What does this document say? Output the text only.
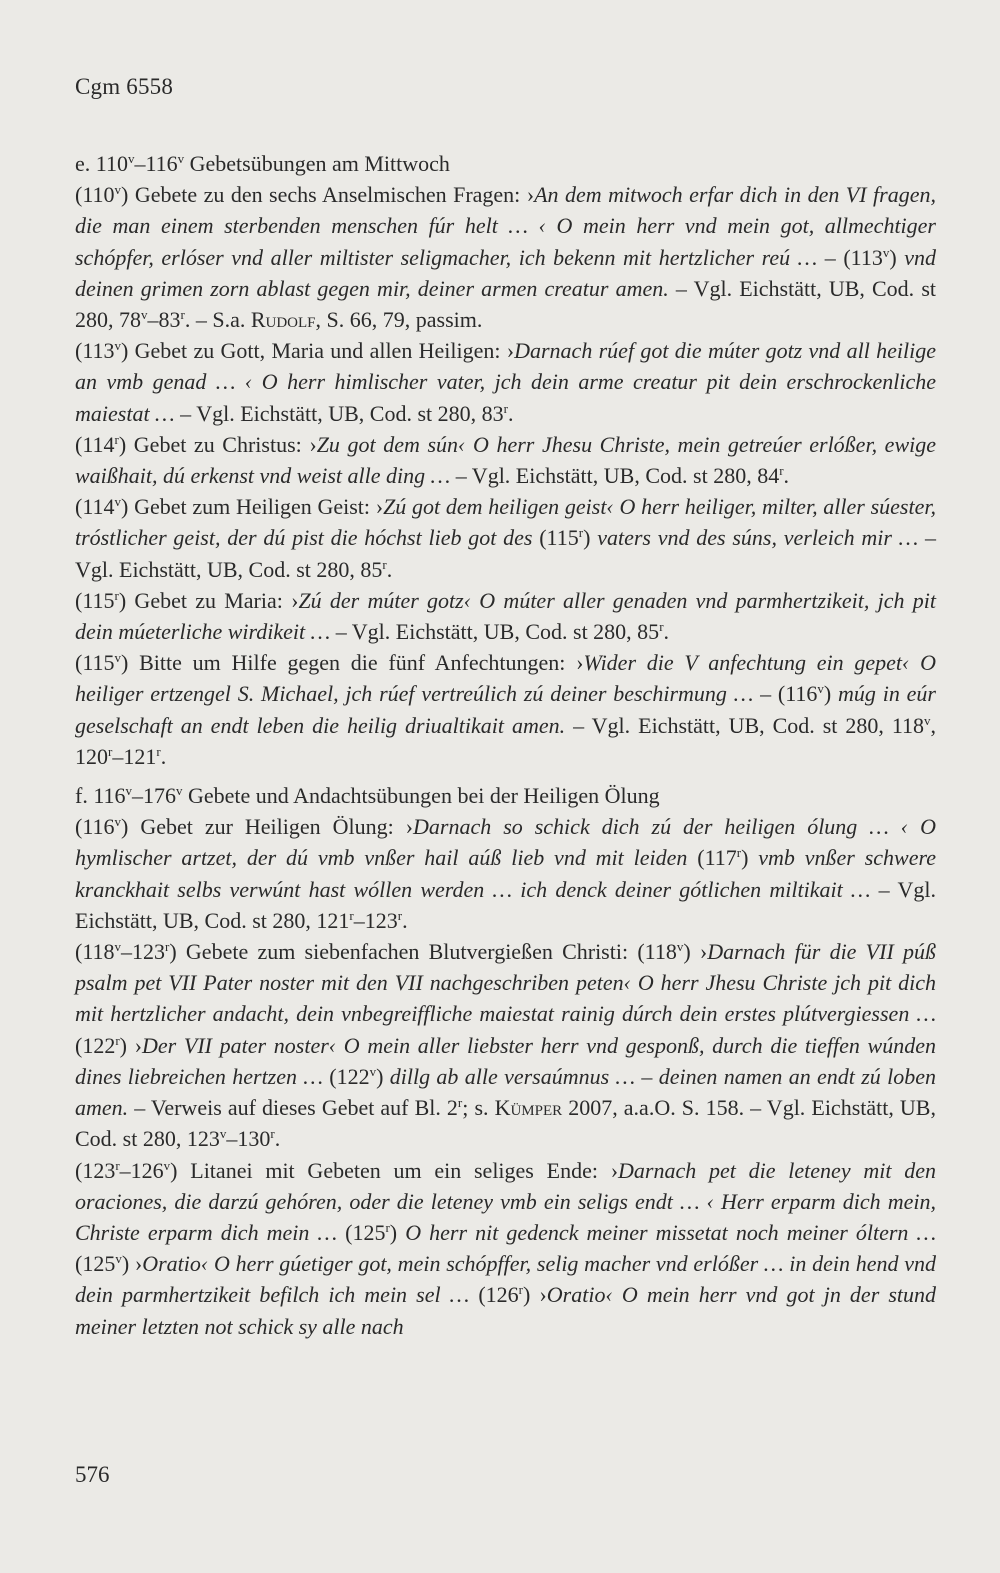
Cgm 6558

e. 110$^v$–116$^v$ Gebetsübungen am Mittwoch

(110$^v$) Gebete zu den sechs Anselmischen Fragen: ›An dem mitwoch erfar dich in den VI fragen, die man einem sterbenden menschen fúr helt … ‹ O mein herr vnd mein got, allmechtiger schópfer, erlóser vnd aller miltister seligmacher, ich bekenn mit hertzlicher reú … – (113$^v$) vnd deinen grimen zorn ablast gegen mir, deiner armen creatur amen. – Vgl. Eichstätt, UB, Cod. st 280, 78$^v$–83$^r$. – S.a. Rudolf, S. 66, 79, passim.

(113$^v$) Gebet zu Gott, Maria und allen Heiligen: ›Darnach rúef got die múter gotz vnd all heilige an vmb genad … ‹ O herr himlischer vater, jch dein arme creatur pit dein erschrockenliche maiestat … – Vgl. Eichstätt, UB, Cod. st 280, 83$^r$.

(114$^r$) Gebet zu Christus: ›Zu got dem sún‹ O herr Jhesu Christe, mein getreúer erlóßer, ewige waißhait, dú erkenst vnd weist alle ding … – Vgl. Eichstätt, UB, Cod. st 280, 84$^r$.

(114$^v$) Gebet zum Heiligen Geist: ›Zú got dem heiligen geist‹ O herr heiliger, milter, aller súester, tróstlicher geist, der dú pist die hóchst lieb got des (115$^r$) vaters vnd des súns, verleich mir … – Vgl. Eichstätt, UB, Cod. st 280, 85$^r$.

(115$^r$) Gebet zu Maria: ›Zú der múter gotz‹ O múter aller genaden vnd parmhertzikeit, jch pit dein múeterliche wirdikeit … – Vgl. Eichstätt, UB, Cod. st 280, 85$^r$.

(115$^v$) Bitte um Hilfe gegen die fünf Anfechtungen: ›Wider die V anfechtung ein gepet‹ O heiliger ertzengel S. Michael, jch rúef vertreúlich zú deiner beschirmung … – (116$^v$) múg in eúr geselschaft an endt leben die heilig driualtikait amen. – Vgl. Eichstätt, UB, Cod. st 280, 118$^v$, 120$^r$–121$^r$.

f. 116$^v$–176$^v$ Gebete und Andachtsübungen bei der Heiligen Ölung

(116$^v$) Gebet zur Heiligen Ölung: ›Darnach so schick dich zú der heiligen ólung … ‹ O hymlischer artzet, der dú vmb vnßer hail aúß lieb vnd mit leiden (117$^r$) vmb vnßer schwere kranckhait selbs verwúnt hast wóllen werden … ich denck deiner gótlichen miltikait … – Vgl. Eichstätt, UB, Cod. st 280, 121$^r$–123$^r$.

(118$^v$–123$^r$) Gebete zum siebenfachen Blutvergießen Christi: (118$^v$) ›Darnach für die VII púß psalm pet VII Pater noster mit den VII nachgeschriben peten‹ O herr Jhesu Christe jch pit dich mit hertzlicher andacht, dein vnbegreiffliche maiestat rainig dúrch dein erstes plútvergiessen … (122$^r$) ›Der VII pater noster‹ O mein aller liebster herr vnd gesponß, durch die tieffen wúnden dines liebreichen hertzen … (122$^v$) dillg ab alle versaúmnus … – deinen namen an endt zú loben amen. – Verweis auf dieses Gebet auf Bl. 2$^r$; s. Kümper 2007, a.a.O. S. 158. – Vgl. Eichstätt, UB, Cod. st 280, 123$^v$–130$^r$.

(123$^r$–126$^v$) Litanei mit Gebeten um ein seliges Ende: ›Darnach pet die leteney mit den oraciones, die darzú gehóren, oder die leteney vmb ein seligs endt … ‹ Herr erparm dich mein, Christe erparm dich mein … (125$^r$) O herr nit gedenck meiner missetat noch meiner óltern … (125$^v$) ›Oratio‹ O herr gúetiger got, mein schópffer, selig macher vnd erlóßer … in dein hend vnd dein parmhertzikeit befilch ich mein sel … (126$^r$) ›Oratio‹ O mein herr vnd got jn der stund meiner letzten not schick sy alle nach

576
